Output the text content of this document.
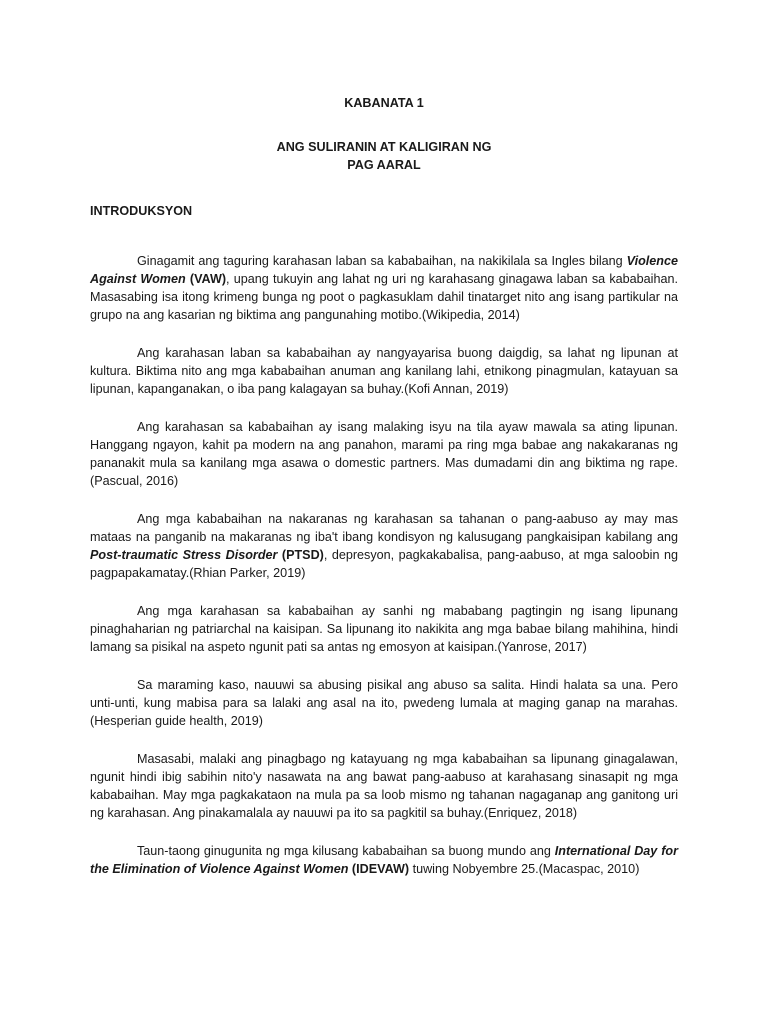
KABANATA 1

ANG SULIRANIN AT KALIGIRAN NG

PAG AARAL

INTRODUKSYON

Ginagamit ang taguring karahasan laban sa kababaihan, na nakikilala sa Ingles bilang Violence Against Women (VAW), upang tukuyin ang lahat ng uri ng karahasang ginagawa laban sa kababaihan. Masasabing isa itong krimeng bunga ng poot o pagkasuklam dahil tinatarget nito ang isang partikular na grupo na ang kasarian ng biktima ang pangunahing motibo.(Wikipedia, 2014)

Ang karahasan laban sa kababaihan ay nangyayarisa buong daigdig, sa lahat ng lipunan at kultura. Biktima nito ang mga kababaihan anuman ang kanilang lahi, etnikong pinagmulan, katayuan sa lipunan, kapanganakan, o iba pang kalagayan sa buhay.(Kofi Annan, 2019)

Ang karahasan sa kababaihan ay isang malaking isyu na tila ayaw mawala sa ating lipunan. Hanggang ngayon, kahit pa modern na ang panahon, marami pa ring mga babae ang nakakaranas ng pananakit mula sa kanilang mga asawa o domestic partners. Mas dumadami din ang biktima ng rape.(Pascual, 2016)

Ang mga kababaihan na nakaranas ng karahasan sa tahanan o pang-aabuso ay may mas mataas na panganib na makaranas ng iba't ibang kondisyon ng kalusugang pangkaisipan kabilang ang Post-traumatic Stress Disorder (PTSD), depresyon, pagkakabalisa, pang-aabuso, at mga saloobin ng pagpapakamatay.(Rhian Parker, 2019)

Ang mga karahasan sa kababaihan ay sanhi ng mababang pagtingin ng isang lipunang pinaghaharian ng patriarchal na kaisipan. Sa lipunang ito nakikita ang mga babae bilang mahihina, hindi lamang sa pisikal na aspeto ngunit pati sa antas ng emosyon at kaisipan.(Yanrose, 2017)

Sa maraming kaso, nauuwi sa abusing pisikal ang abuso sa salita. Hindi halata sa una. Pero unti-unti, kung mabisa para sa lalaki ang asal na ito, pwedeng lumala at maging ganap na marahas.(Hesperian guide health, 2019)

Masasabi, malaki ang pinagbago ng katayuang ng mga kababaihan sa lipunang ginagalawan, ngunit hindi ibig sabihin nito'y nasawata na ang bawat pang-aabuso at karahasang sinasapit ng mga kababaihan. May mga pagkakataon na mula pa sa loob mismo ng tahanan nagaganap ang ganitong uri ng karahasan. Ang pinakamalala ay nauuwi pa ito sa pagkitil sa buhay.(Enriquez, 2018)

Taun-taong ginugunita ng mga kilusang kababaihan sa buong mundo ang International Day for the Elimination of Violence Against Women (IDEVAW) tuwing Nobyembre 25.(Macaspac, 2010)
